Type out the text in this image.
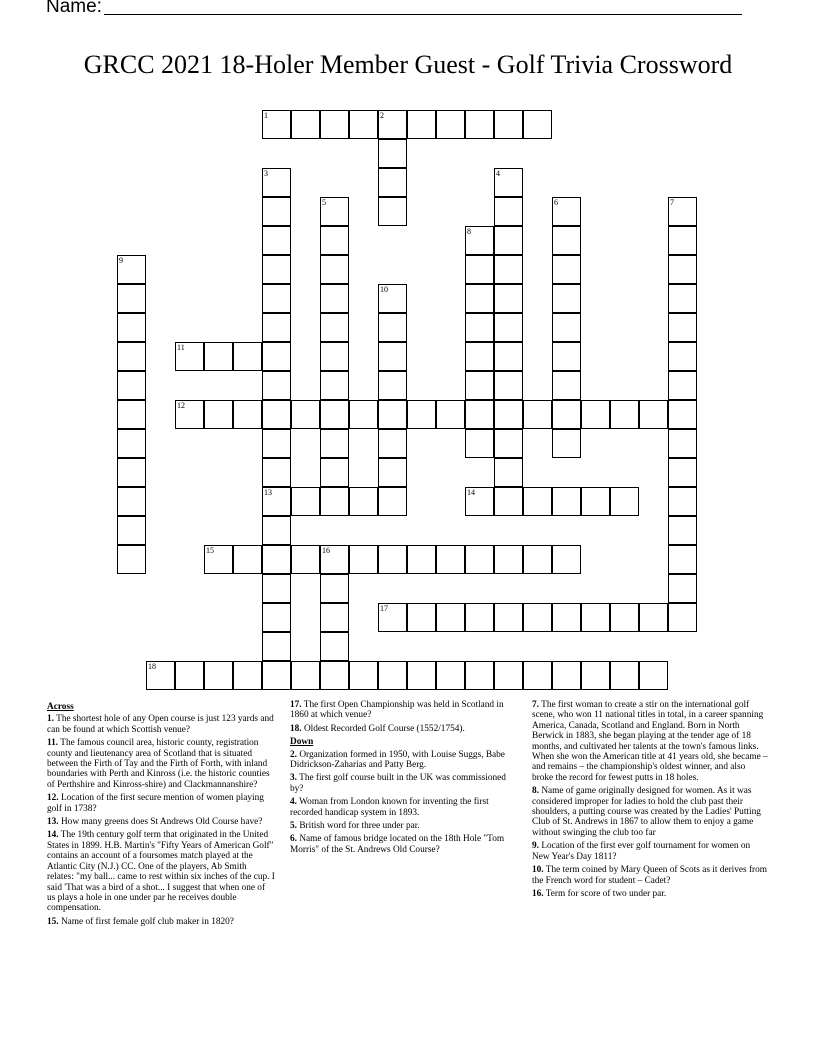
Name:
GRCC 2021 18-Holer Member Guest - Golf Trivia Crossword
1	2
3
13
4
5	6	7
8
9
10
11
12
14
15	16
17
18
Across
1. The shortest hole of any Open course is just 123 yards and can be found at which Scottish venue?
11. The famous council area, historic county, registration county and lieutenancy area of Scotland that is situated between the Firth of Tay and the Firth of Forth, with inland boundaries with Perth and Kinross (i.e. the historic counties of Perthshire and Kinross-shire) and Clackmannanshire?
12. Location of the first secure mention of women playing golf in 1738?
13. How many greens does St Andrews Old Course have?
14. The 19th century golf term that originated in the United States in 1899. H.B. Martin's "Fifty Years of American Golf" contains an account of a foursomes match played at the Atlantic City (N.J.) CC. One of the players, Ab Smith relates: "my ball... came to rest within six inches of the cup. I said 'That was a bird of a shot... I suggest that when one of us plays a hole in one under par he receives double compensation.
15. Name of first female golf club maker in 1820?
17. The first Open Championship was held in Scotland in 1860 at which venue?
18. Oldest Recorded Golf Course (1552/1754).
Down
2. Organization formed in 1950, with Louise Suggs, Babe Didrickson-Zaharias and Patty Berg.
3. The first golf course built in the UK was commissioned by?
4. Woman from London known for inventing the first recorded handicap system in 1893.
5. British word for three under par.
6. Name of famous bridge located on the 18th Hole "Tom Morris" of the St. Andrews Old Course?
7. The first woman to create a stir on the international golf scene, who won 11 national titles in total, in a career spanning America, Canada, Scotland and England. Born in North Berwick in 1883, she began playing at the tender age of 18 months, and cultivated her talents at the town's famous links. When she won the American title at 41 years old, she became – and remains – the championship's oldest winner, and also broke the record for fewest putts in 18 holes.
8. Name of game originally designed for women. As it was considered improper for ladies to hold the club past their shoulders, a putting course was created by the Ladies' Putting Club of St. Andrews in 1867 to allow them to enjoy a game without swinging the club too far
9. Location of the first ever golf tournament for women on New Year's Day 1811?
10. The term coined by Mary Queen of Scots as it derives from the French word for student – Cadet?
16. Term for score of two under par.
